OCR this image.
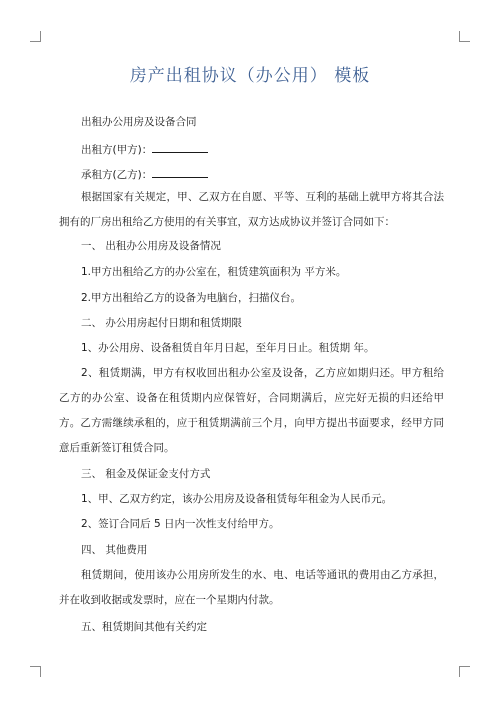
房产出租协议（办公用） 模板
出租办公用房及设备合同
出租方(甲方)：
承租方(乙方)：
根据国家有关规定，甲、乙双方在自愿、平等、互利的基础上就甲方将其合法拥有的厂房出租给乙方使用的有关事宜，双方达成协议并签订合同如下：
一、 出租办公用房及设备情况
1.甲方出租给乙方的办公室在，租赁建筑面积为 平方米。
2.甲方出租给乙方的设备为电脑台，扫描仪台。
二、 办公用房起付日期和租赁期限
1、办公用房、设备租赁自年月日起，至年月日止。租赁期 年。
2、租赁期满，甲方有权收回出租办公室及设备，乙方应如期归还。甲方租给乙方的办公室、设备在租赁期内应保管好，合同期满后，应完好无损的归还给甲方。乙方需继续承租的，应于租赁期满前三个月，向甲方提出书面要求，经甲方同意后重新签订租赁合同。
三、 租金及保证金支付方式
1、甲、乙双方约定，该办公用房及设备租赁每年租金为人民币元。
2、签订合同后 5 日内一次性支付给甲方。
四、 其他费用
租赁期间，使用该办公用房所发生的水、电、电话等通讯的费用由乙方承担，并在收到收据或发票时，应在一个星期内付款。
五、租赁期间其他有关约定
